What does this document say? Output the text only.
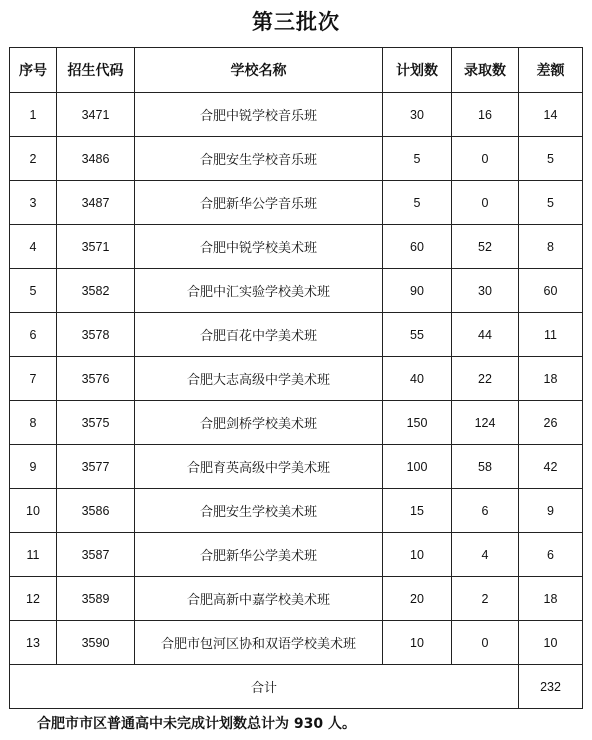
第三批次
序号	招生代码	学校名称	计划数	录取数	差额
1	3471	合肥中锐学校音乐班	30	16	14
2	3486	合肥安生学校音乐班	5	0	5
3	3487	合肥新华公学音乐班	5	0	5
4	3571	合肥中锐学校美术班	60	52	8
5	3582	合肥中汇实验学校美术班	90	30	60
6	3578	合肥百花中学美术班	55	44	11
7	3576	合肥大志高级中学美术班	40	22	18
8	3575	合肥剑桥学校美术班	150	124	26
9	3577	合肥育英高级中学美术班	100	58	42
10	3586	合肥安生学校美术班	15	6	9
11	3587	合肥新华公学美术班	10	4	6
12	3589	合肥高新中嘉学校美术班	20	2	18
13	3590	合肥市包河区协和双语学校美术班	10	0	10
合计					232
合肥市市区普通高中未完成计划数总计为 930 人。
